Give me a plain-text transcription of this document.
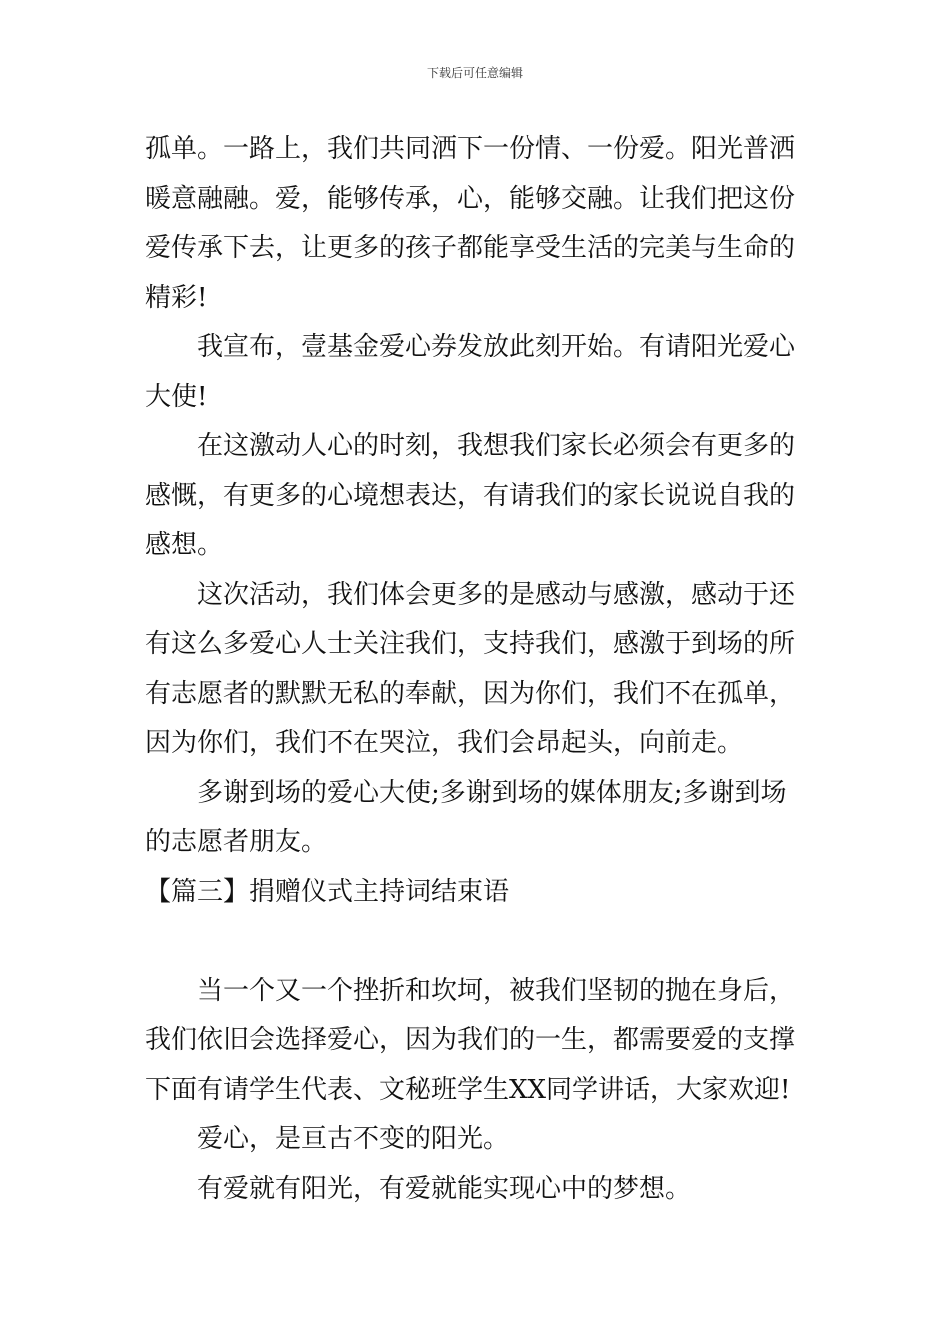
下载后可任意编辑
孤单。一路上，我们共同洒下一份情、一份爱。阳光普洒
暖意融融。爱，能够传承，心，能够交融。让我们把这份
爱传承下去，让更多的孩子都能享受生活的完美与生命的
精彩!
我宣布，壹基金爱心券发放此刻开始。有请阳光爱心
大使!
在这激动人心的时刻，我想我们家长必须会有更多的
感慨，有更多的心境想表达，有请我们的家长说说自我的
感想。
这次活动，我们体会更多的是感动与感激，感动于还
有这么多爱心人士关注我们，支持我们，感激于到场的所
有志愿者的默默无私的奉献，因为你们，我们不在孤单，
因为你们，我们不在哭泣，我们会昂起头，向前走。
多谢到场的爱心大使;多谢到场的媒体朋友;多谢到场
的志愿者朋友。
【篇三】捐赠仪式主持词结束语
当一个又一个挫折和坎坷，被我们坚韧的抛在身后，
我们依旧会选择爱心，因为我们的一生，都需要爱的支撑
下面有请学生代表、文秘班学生XX同学讲话，大家欢迎!
爱心，是亘古不变的阳光。
有爱就有阳光，有爱就能实现心中的梦想。
